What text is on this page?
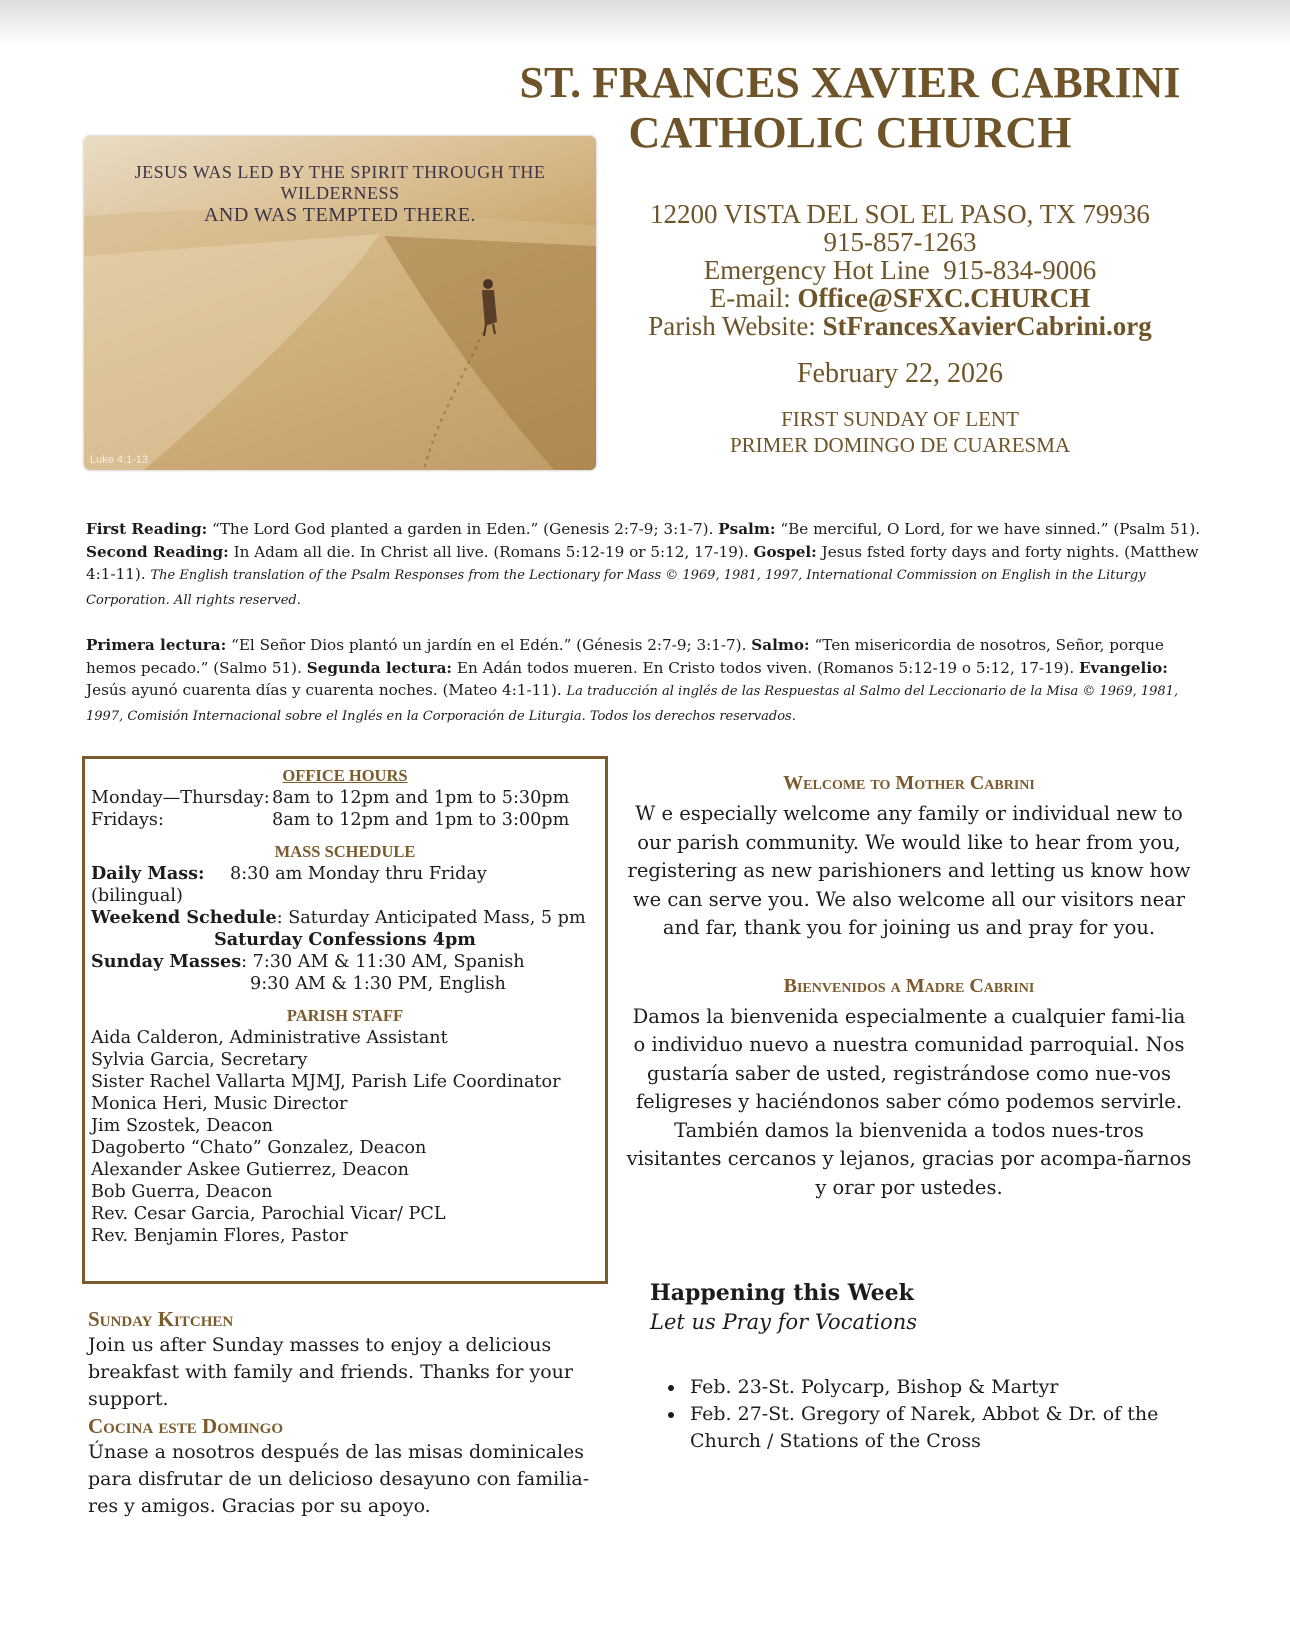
ST. FRANCES XAVIER CABRINI
CATHOLIC CHURCH
JESUS WAS LED BY THE SPIRIT THROUGH THE WILDERNESS
AND WAS TEMPTED THERE.
Luke 4:1-13
12200 VISTA DEL SOL EL PASO, TX 79936
915-857-1263
Emergency Hot Line 915-834-9006
E-mail: Office@SFXC.CHURCH
Parish Website: StFrancesXavierCabrini.org
February 22, 2026
FIRST SUNDAY OF LENT
PRIMER DOMINGO DE CUARESMA
First Reading: “The Lord God planted a garden in Eden.” (Genesis 2:7-9; 3:1-7). Psalm: “Be merciful, O Lord, for we have sinned.” (Psalm 51). Second Reading: In Adam all die. In Christ all live. (Romans 5:12-19 or 5:12, 17-19). Gospel: Jesus fsted forty days and forty nights. (Matthew 4:1-11). The English translation of the Psalm Responses from the Lectionary for Mass © 1969, 1981, 1997, International Commission on English in the Liturgy Corporation. All rights reserved.
Primera lectura: “El Señor Dios plantó un jardín en el Edén.” (Génesis 2:7-9; 3:1-7). Salmo: “Ten misericordia de nosotros, Señor, porque hemos pecado.” (Salmo 51). Segunda lectura: En Adán todos mueren. En Cristo todos viven. (Romanos 5:12-19 o 5:12, 17-19). Evangelio: Jesús ayunó cuarenta días y cuarenta noches. (Mateo 4:1-11). La traducción al inglés de las Respuestas al Salmo del Leccionario de la Misa © 1969, 1981, 1997, Comisión Internacional sobre el Inglés en la Corporación de Liturgia. Todos los derechos reservados.
OFFICE HOURS
Monday—Thursday: 8am to 12pm and 1pm to 5:30pm
Fridays:	8am to 12pm and 1pm to 3:00pm
MASS SCHEDULE
Daily Mass:	8:30 am Monday thru Friday
(bilingual)
Weekend Schedule: Saturday Anticipated Mass, 5 pm
Saturday Confessions 4pm
Sunday Masses: 7:30 AM & 11:30 AM, Spanish
9:30 AM & 1:30 PM, English
PARISH STAFF
Aida Calderon, Administrative Assistant
Sylvia Garcia, Secretary
Sister Rachel Vallarta MJMJ, Parish Life Coordinator
Monica Heri, Music Director
Jim Szostek, Deacon
Dagoberto “Chato” Gonzalez, Deacon
Alexander Askee Gutierrez, Deacon
Bob Guerra, Deacon
Rev. Cesar Garcia, Parochial Vicar/ PCL
Rev. Benjamin Flores, Pastor
Sunday Kitchen
Join us after Sunday masses to enjoy a delicious breakfast with family and friends. Thanks for your support.
Cocina este Domingo
Únase a nosotros después de las misas dominicales para disfrutar de un delicioso desayuno con familia-res y amigos. Gracias por su apoyo.
Welcome to Mother Cabrini
W e especially welcome any family or individual new to our parish community. We would like to hear from you, registering as new parishioners and letting us know how we can serve you. We also welcome all our visitors near and far, thank you for joining us and pray for you.
Bienvenidos a Madre Cabrini
Damos la bienvenida especialmente a cualquier fami-lia o individuo nuevo a nuestra comunidad parroquial. Nos gustaría saber de usted, registrándose como nue-vos feligreses y haciéndonos saber cómo podemos servirle. También damos la bienvenida a todos nues-tros visitantes cercanos y lejanos, gracias por acompa-ñarnos y orar por ustedes.
Happening this Week
Let us Pray for Vocations
• Feb. 23-St. Polycarp, Bishop & Martyr
• Feb. 27-St. Gregory of Narek, Abbot & Dr. of the Church / Stations of the Cross
